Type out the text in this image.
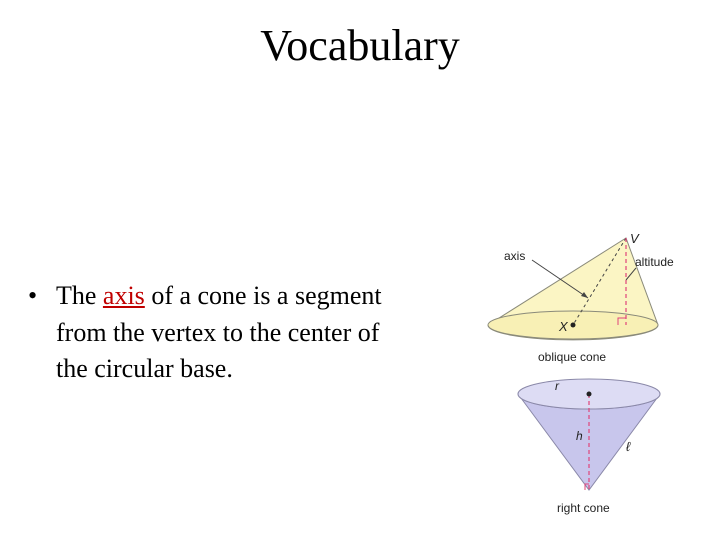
Vocabulary
• The axis of a cone is a segment from the vertex to the center of the circular base.
V
axis	altitude
X
oblique cone
r
h
ℓ
right cone
